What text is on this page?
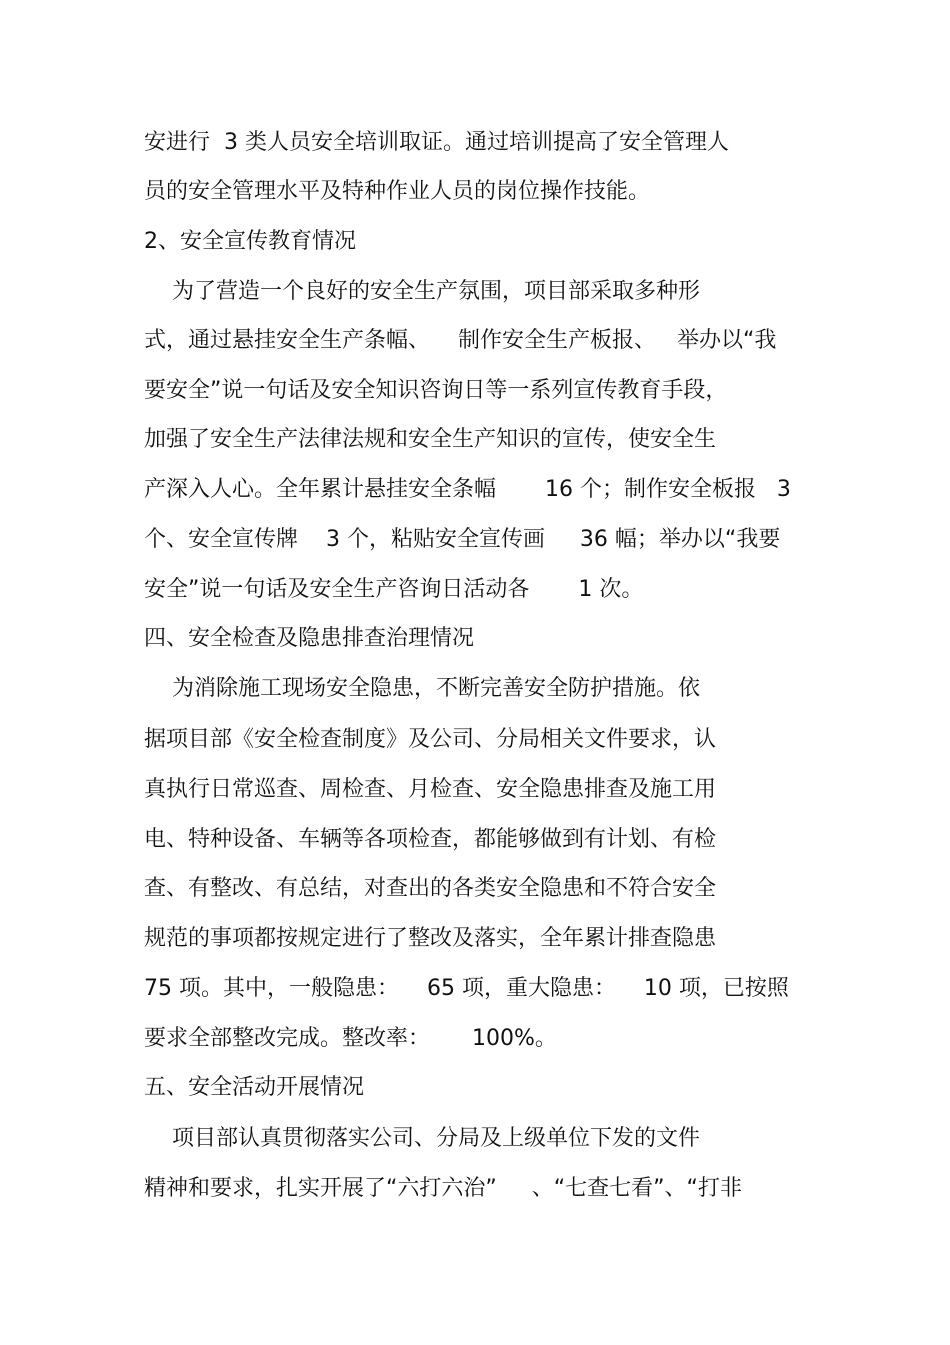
安进行  3 类人员安全培训取证。通过培训提高了安全管理人
员的安全管理水平及特种作业人员的岗位操作技能。
2、安全宣传教育情况
为了营造一个良好的安全生产氛围，项目部采取多种形
式，通过悬挂安全生产条幅、    制作安全生产板报、   举办以“我
要安全”说一句话及安全知识咨询日等一系列宣传教育手段，
加强了安全生产法律法规和安全生产知识的宣传，使安全生
产深入人心。全年累计悬挂安全条幅       16 个；制作安全板报   3
个、安全宣传牌    3 个，粘贴安全宣传画     36 幅；举办以“我要
安全”说一句话及安全生产咨询日活动各       1 次。
四、安全检查及隐患排查治理情况
为消除施工现场安全隐患，不断完善安全防护措施。依
据项目部《安全检查制度》及公司、分局相关文件要求，认
真执行日常巡查、周检查、月检查、安全隐患排查及施工用
电、特种设备、车辆等各项检查，都能够做到有计划、有检
查、有整改、有总结，对查出的各类安全隐患和不符合安全
规范的事项都按规定进行了整改及落实，全年累计排查隐患
75 项。其中，一般隐患：    65 项，重大隐患：    10 项，已按照
要求全部整改完成。整改率：      100%。
五、安全活动开展情况
项目部认真贯彻落实公司、分局及上级单位下发的文件
精神和要求，扎实开展了“六打六治”     、“七查七看”、“打非
